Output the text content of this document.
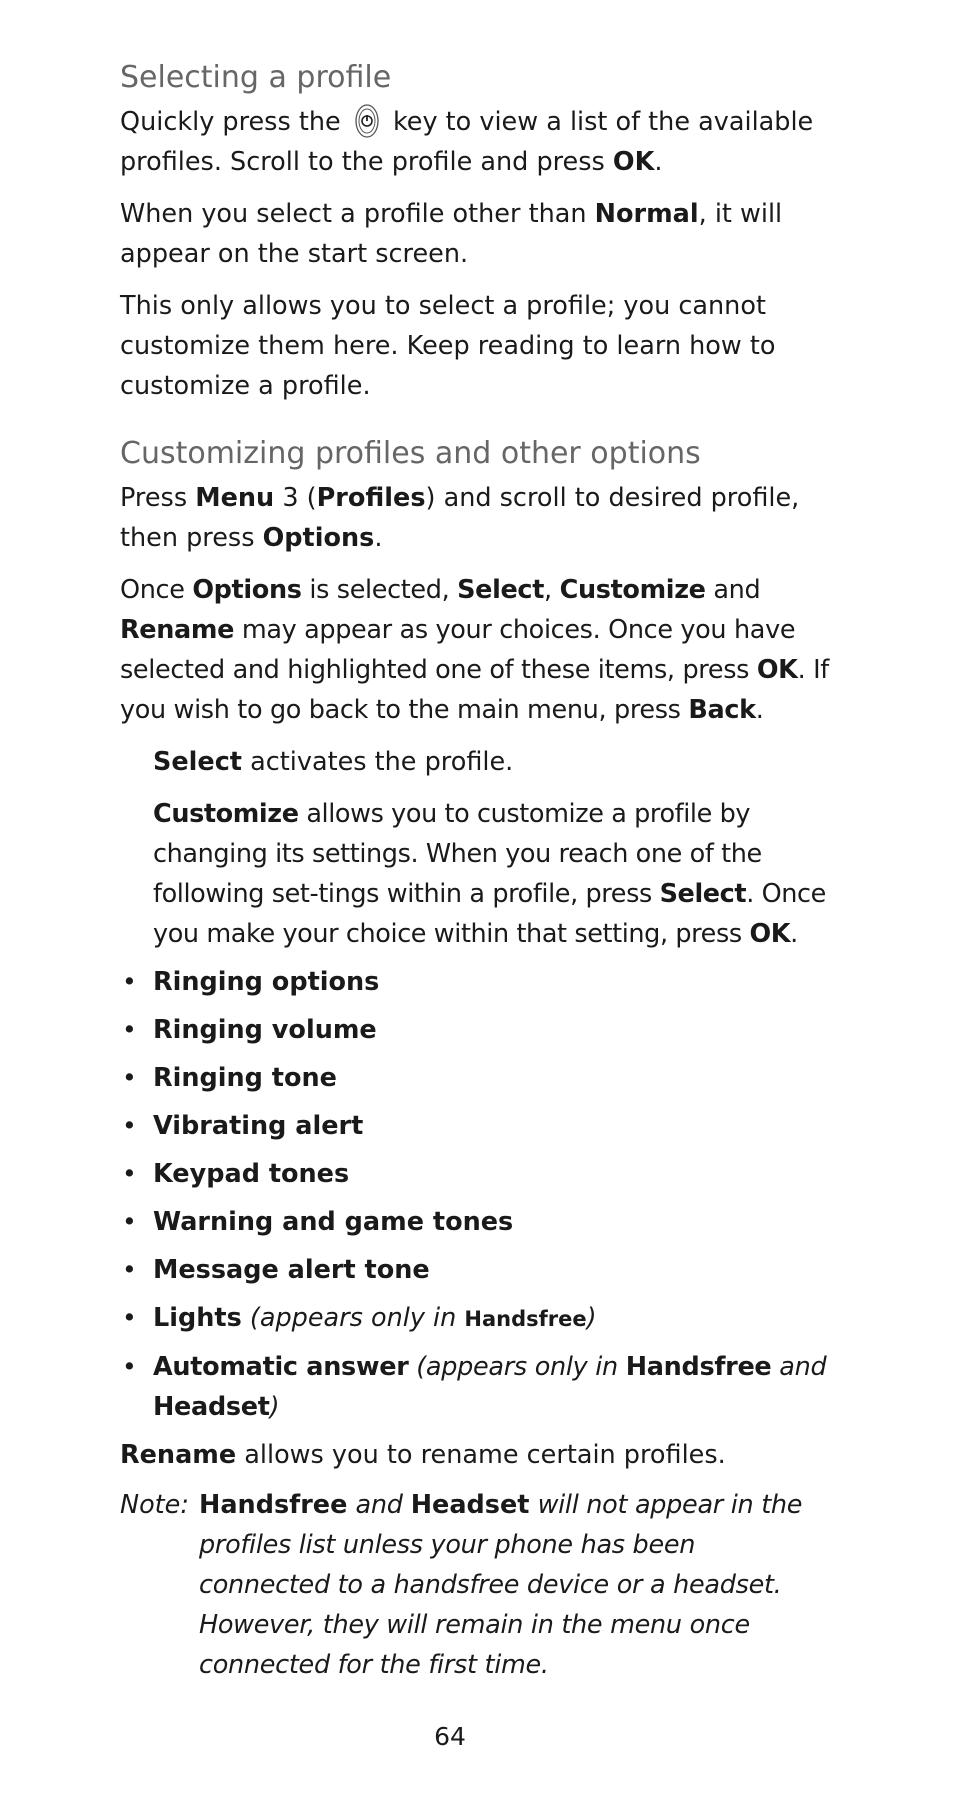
Selecting a profile

Quickly press the key to view a list of the available profiles. Scroll to the profile and press OK.

When you select a profile other than Normal, it will appear on the start screen.

This only allows you to select a profile; you cannot customize them here. Keep reading to learn how to customize a profile.

Customizing profiles and other options

Press Menu 3 (Profiles) and scroll to desired profile, then press Options.

Once Options is selected, Select, Customize and Rename may appear as your choices. Once you have selected and highlighted one of these items, press OK. If you wish to go back to the main menu, press Back.

Select activates the profile.

Customize allows you to customize a profile by changing its settings. When you reach one of the following set-tings within a profile, press Select. Once you make your choice within that setting, press OK.

• Ringing options
• Ringing volume
• Ringing tone
• Vibrating alert
• Keypad tones
• Warning and game tones
• Message alert tone
• Lights (appears only in Handsfree)
• Automatic answer (appears only in Handsfree and Headset)

Rename allows you to rename certain profiles.

Note: Handsfree and Headset will not appear in the profiles list unless your phone has been connected to a handsfree device or a headset. However, they will remain in the menu once connected for the first time.
64
